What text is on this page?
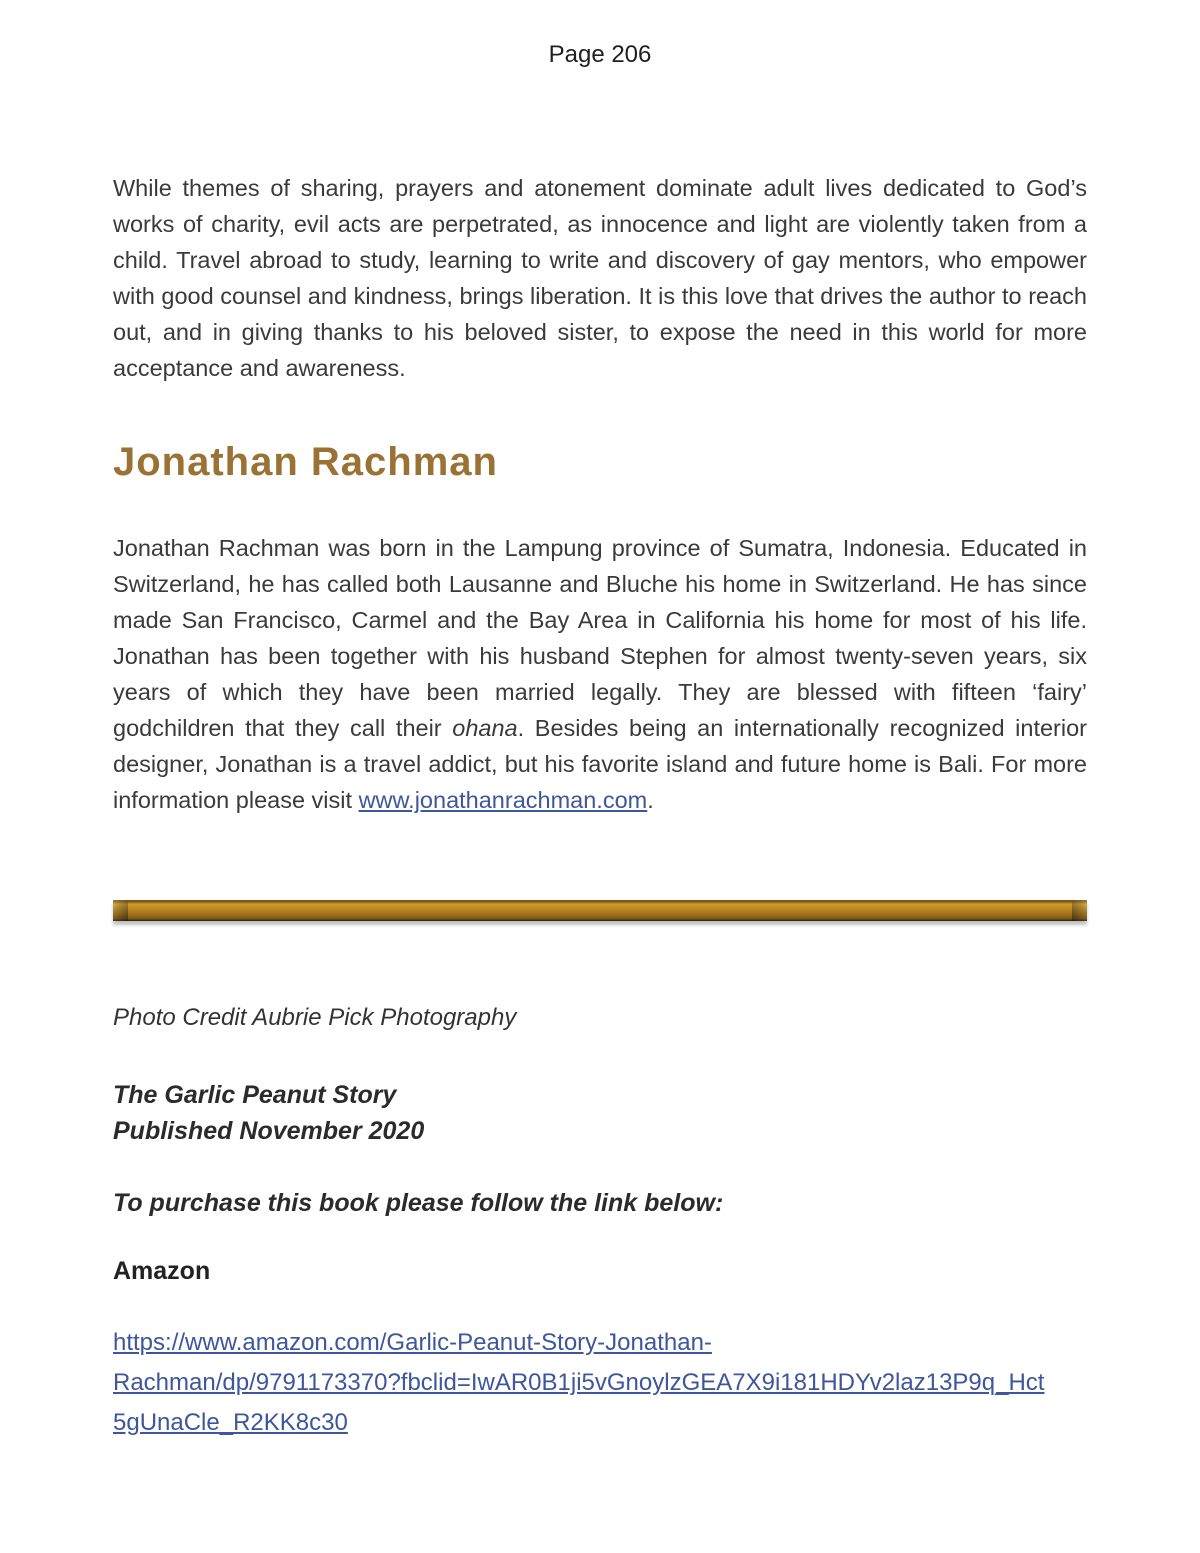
Page 206

While themes of sharing, prayers and atonement dominate adult lives dedicated to God’s works of charity, evil acts are perpetrated, as innocence and light are violently taken from a child. Travel abroad to study, learning to write and discovery of gay mentors, who empower with good counsel and kindness, brings liberation. It is this love that drives the author to reach out, and in giving thanks to his beloved sister, to expose the need in this world for more acceptance and awareness.

Jonathan Rachman

Jonathan Rachman was born in the Lampung province of Sumatra, Indonesia. Educated in Switzerland, he has called both Lausanne and Bluche his home in Switzerland. He has since made San Francisco, Carmel and the Bay Area in California his home for most of his life. Jonathan has been together with his husband Stephen for almost twenty-seven years, six years of which they have been married legally. They are blessed with fifteen ‘fairy’ godchildren that they call their ohana. Besides being an internationally recognized interior designer, Jonathan is a travel addict, but his favorite island and future home is Bali. For more information please visit www.jonathanrachman.com.

Photo Credit Aubrie Pick Photography
The Garlic Peanut Story
Published November 2020
To purchase this book please follow the link below:
Amazon
https://www.amazon.com/Garlic-Peanut-Story-Jonathan-
Rachman/dp/9791173370?fbclid=IwAR0B1ji5vGnoylzGEA7X9i181HDYv2laz13P9q_Hct
5gUnaCle_R2KK8c30
